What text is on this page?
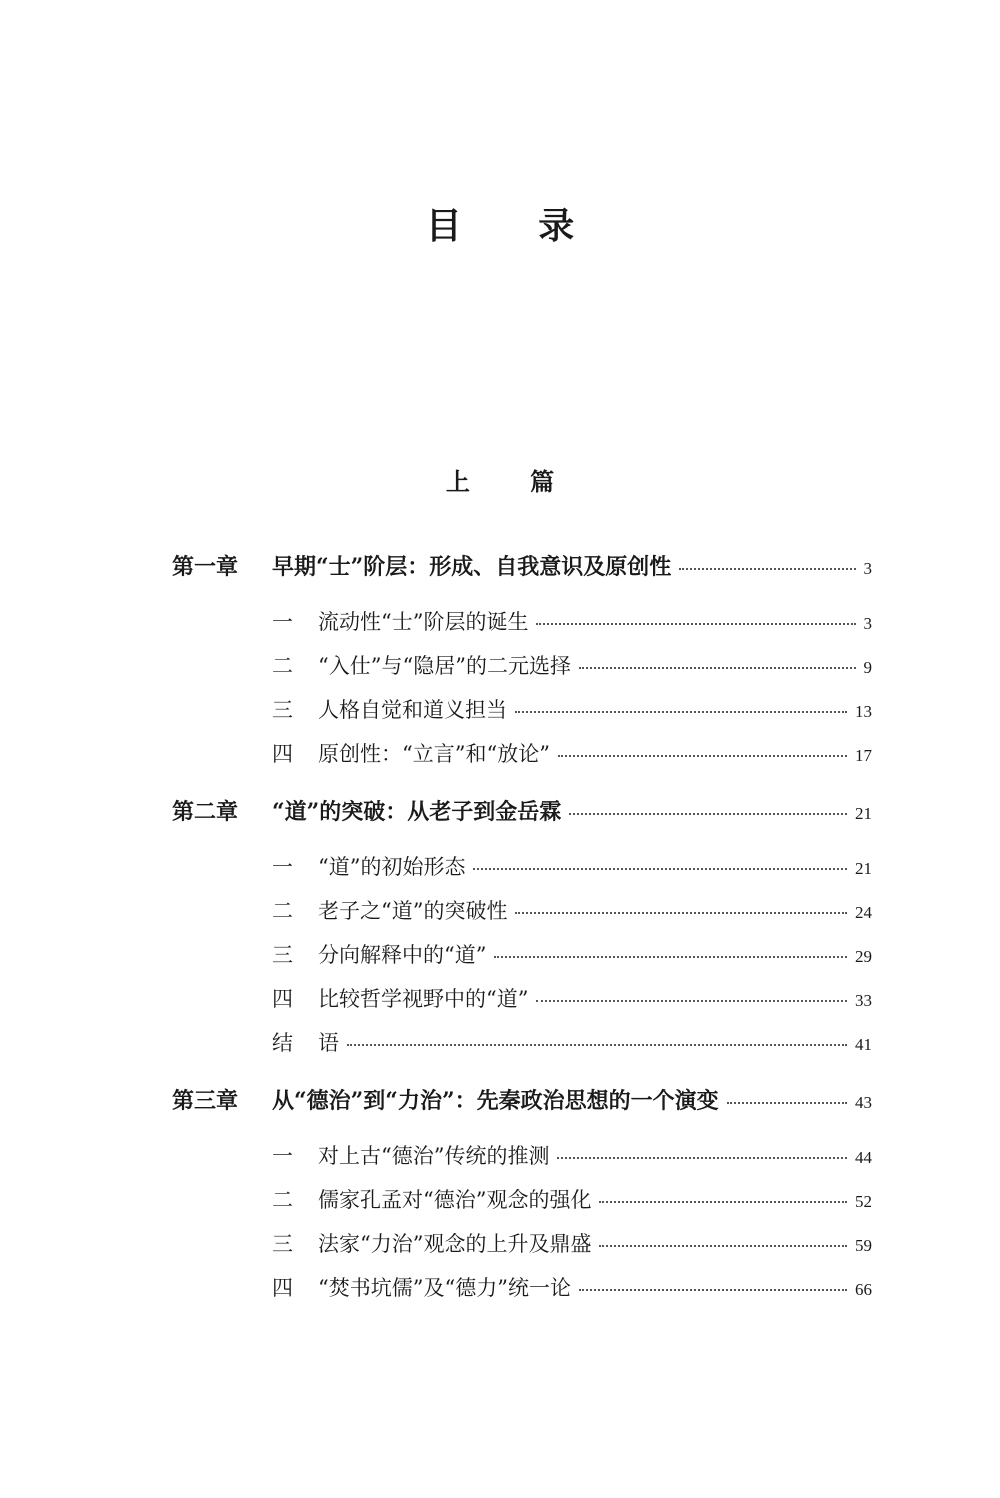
目 录
上 篇
第一章	早期“士”阶层：形成、自我意识及原创性	3
一	流动性“士”阶层的诞生	3
二	“入仕”与“隐居”的二元选择	9
三	人格自觉和道义担当	13
四	原创性：“立言”和“放论”	17
第二章	“道”的突破：从老子到金岳霖	21
一	“道”的初始形态	21
二	老子之“道”的突破性	24
三	分向解释中的“道”	29
四	比较哲学视野中的“道”	33
结	语	41
第三章	从“德治”到“力治”：先秦政治思想的一个演变	43
一	对上古“德治”传统的推测	44
二	儒家孔孟对“德治”观念的强化	52
三	法家“力治”观念的上升及鼎盛	59
四	“焚书坑儒”及“德力”统一论	66
